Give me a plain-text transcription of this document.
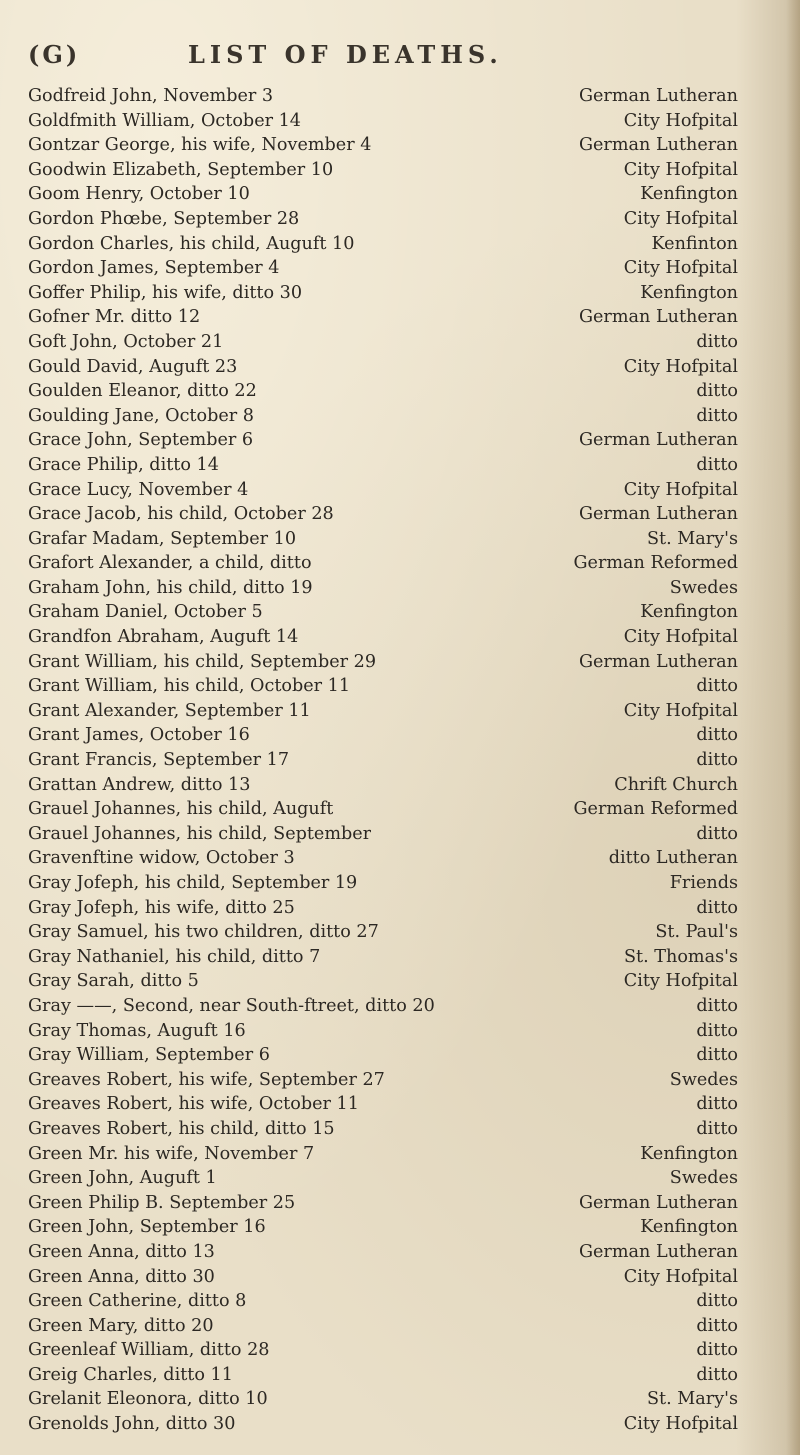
(G)	LIST OF DEATHS.
Godfreid John, November 3	German Lutheran
Goldfmith William, October 14	City Hofpital
Gontzar George, his wife, November 4	German Lutheran
Goodwin Elizabeth, September 10	City Hofpital
Goom Henry, October 10	Kenfington
Gordon Phœbe, September 28	City Hofpital
Gordon Charles, his child, Auguft 10	Kenfinton
Gordon James, September 4	City Hofpital
Goffer Philip, his wife, ditto 30	Kenfington
Gofner Mr. ditto 12	German Lutheran
Goft John, October 21	ditto
Gould David, Auguft 23	City Hofpital
Goulden Eleanor, ditto 22	ditto
Goulding Jane, October 8	ditto
Grace John, September 6	German Lutheran
Grace Philip, ditto 14	ditto
Grace Lucy, November 4	City Hofpital
Grace Jacob, his child, October 28	German Lutheran
Grafar Madam, September 10	St. Mary's
Grafort Alexander, a child, ditto	German Reformed
Graham John, his child, ditto 19	Swedes
Graham Daniel, October 5	Kenfington
Grandfon Abraham, Auguft 14	City Hofpital
Grant William, his child, September 29	German Lutheran
Grant William, his child, October 11	ditto
Grant Alexander, September 11	City Hofpital
Grant James, October 16	ditto
Grant Francis, September 17	ditto
Grattan Andrew, ditto 13	Chrift Church
Grauel Johannes, his child, Auguft	German Reformed
Grauel Johannes, his child, September	ditto
Gravenftine widow, October 3	ditto Lutheran
Gray Jofeph, his child, September 19	Friends
Gray Jofeph, his wife, ditto 25	ditto
Gray Samuel, his two children, ditto 27	St. Paul's
Gray Nathaniel, his child, ditto 7	St. Thomas's
Gray Sarah, ditto 5	City Hofpital
Gray ——, Second, near South-ftreet, ditto 20	ditto
Gray Thomas, Auguft 16	ditto
Gray William, September 6	ditto
Greaves Robert, his wife, September 27	Swedes
Greaves Robert, his wife, October 11	ditto
Greaves Robert, his child, ditto 15	ditto
Green Mr. his wife, November 7	Kenfington
Green John, Auguft 1	Swedes
Green Philip B. September 25	German Lutheran
Green John, September 16	Kenfington
Green Anna, ditto 13	German Lutheran
Green Anna, ditto 30	City Hofpital
Green Catherine, ditto 8	ditto
Green Mary, ditto 20	ditto
Greenleaf William, ditto 28	ditto
Greig Charles, ditto 11	ditto
Grelanit Eleonora, ditto 10	St. Mary's
Grenolds John, ditto 30	City Hofpital
